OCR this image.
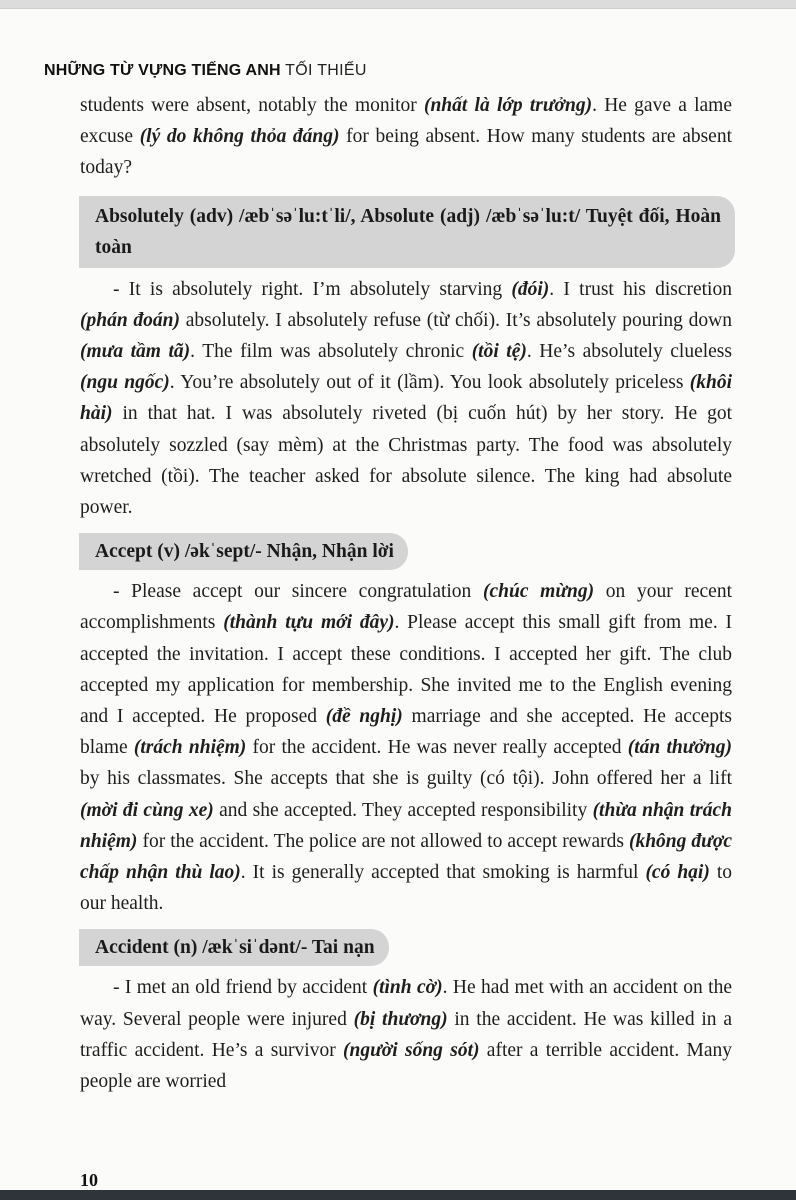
NHỮNG TỪ VỰNG TIẾNG ANH TỐI THIỂU

students were absent, notably the monitor (nhất là lớp trưởng). He gave a lame excuse (lý do không thỏa đáng) for being absent. How many students are absent today?

Absolutely (adv) /æbˈsəˈlu:tˈli/, Absolute (adj) /æbˈsəˈlu:t/ Tuyệt đối, Hoàn toàn

- It is absolutely right. I’m absolutely starving (đói). I trust his discretion (phán đoán) absolutely. I absolutely refuse (từ chối). It’s absolutely pouring down (mưa tầm tã). The film was absolutely chronic (tồi tệ). He’s absolutely clueless (ngu ngốc). You’re absolutely out of it (lầm). You look absolutely priceless (khôi hài) in that hat. I was absolutely riveted (bị cuốn hút) by her story. He got absolutely sozzled (say mèm) at the Christmas party. The food was absolutely wretched (tồi). The teacher asked for absolute silence. The king had absolute power.

Accept (v) /əkˈsept/- Nhận, Nhận lời

- Please accept our sincere congratulation (chúc mừng) on your recent accomplishments (thành tựu mới đây). Please accept this small gift from me. I accepted the invitation. I accept these conditions. I accepted her gift. The club accepted my application for membership. She invited me to the English evening and I accepted. He proposed (đề nghị) marriage and she accepted. He accepts blame (trách nhiệm) for the accident. He was never really accepted (tán thưởng) by his classmates. She accepts that she is guilty (có tội). John offered her a lift (mời đi cùng xe) and she accepted. They accepted responsibility (thừa nhận trách nhiệm) for the accident. The police are not allowed to accept rewards (không được chấp nhận thù lao). It is generally accepted that smoking is harmful (có hại) to our health.

Accident (n) /ækˈsiˈdənt/- Tai nạn

- I met an old friend by accident (tình cờ). He had met with an accident on the way. Several people were injured (bị thương) in the accident. He was killed in a traffic accident. He’s a survivor (người sống sót) after a terrible accident. Many people are worried

10
